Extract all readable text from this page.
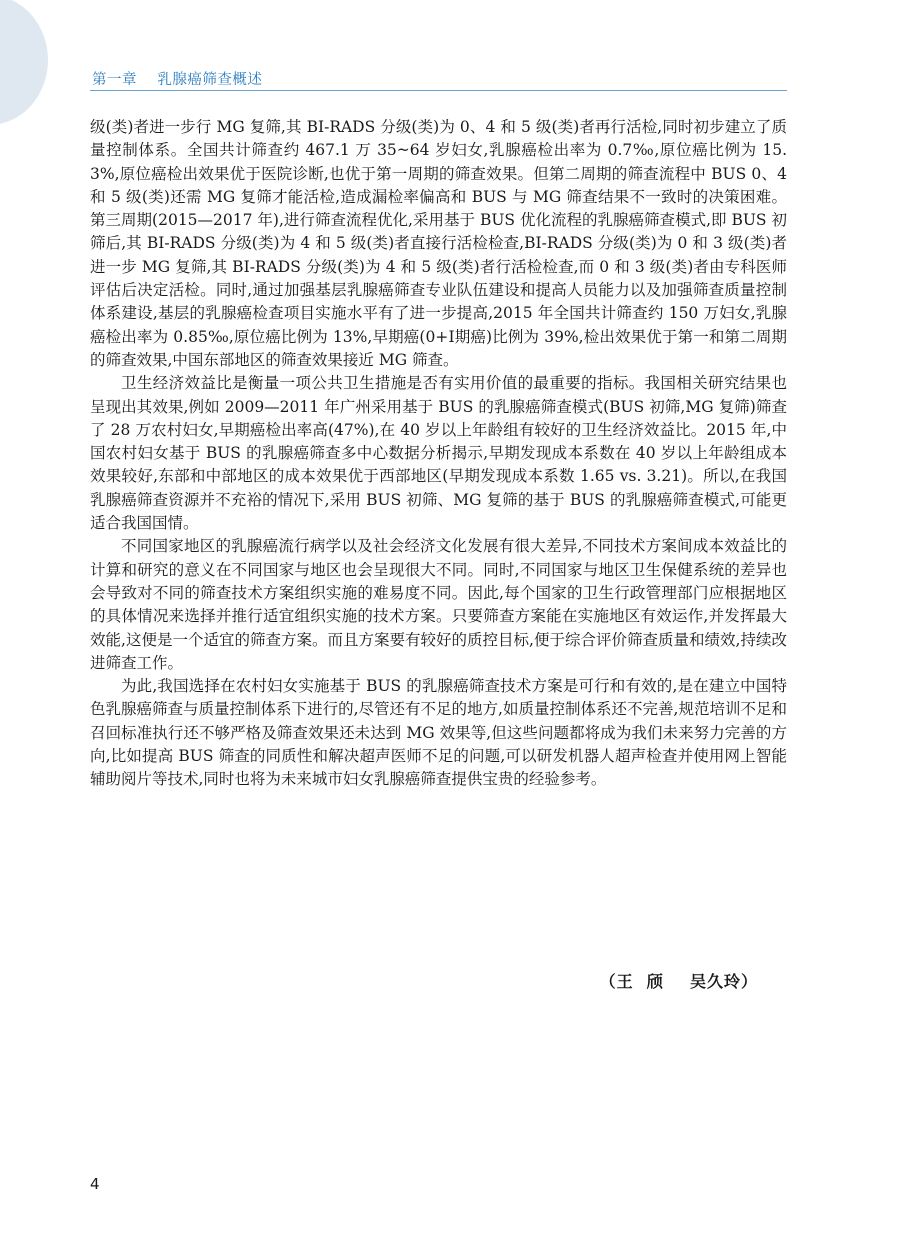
第一章    乳腺癌筛查概述

级(类)者进一步行 MG 复筛,其 BI-RADS 分级(类)为 0、4 和 5 级(类)者再行活检,同时初步建立了质量控制体系。全国共计筛查约 467.1 万 35~64 岁妇女,乳腺癌检出率为 0.7‰,原位癌比例为 15.3%,原位癌检出效果优于医院诊断,也优于第一周期的筛查效果。但第二周期的筛查流程中 BUS 0、4 和 5 级(类)还需 MG 复筛才能活检,造成漏检率偏高和 BUS 与 MG 筛查结果不一致时的决策困难。第三周期(2015—2017 年),进行筛查流程优化,采用基于 BUS 优化流程的乳腺癌筛查模式,即 BUS 初筛后,其 BI-RADS 分级(类)为 4 和 5 级(类)者直接行活检检查,BI-RADS 分级(类)为 0 和 3 级(类)者进一步 MG 复筛,其 BI-RADS 分级(类)为 4 和 5 级(类)者行活检检查,而 0 和 3 级(类)者由专科医师评估后决定活检。同时,通过加强基层乳腺癌筛查专业队伍建设和提高人员能力以及加强筛查质量控制体系建设,基层的乳腺癌检查项目实施水平有了进一步提高,2015 年全国共计筛查约 150 万妇女,乳腺癌检出率为 0.85‰,原位癌比例为 13%,早期癌(0+Ⅰ期癌)比例为 39%,检出效果优于第一和第二周期的筛查效果,中国东部地区的筛查效果接近 MG 筛查。

卫生经济效益比是衡量一项公共卫生措施是否有实用价值的最重要的指标。我国相关研究结果也呈现出其效果,例如 2009—2011 年广州采用基于 BUS 的乳腺癌筛查模式(BUS 初筛,MG 复筛)筛查了 28 万农村妇女,早期癌检出率高(47%),在 40 岁以上年龄组有较好的卫生经济效益比。2015 年,中国农村妇女基于 BUS 的乳腺癌筛查多中心数据分析揭示,早期发现成本系数在 40 岁以上年龄组成本效果较好,东部和中部地区的成本效果优于西部地区(早期发现成本系数 1.65 vs. 3.21)。所以,在我国乳腺癌筛查资源并不充裕的情况下,采用 BUS 初筛、MG 复筛的基于 BUS 的乳腺癌筛查模式,可能更适合我国国情。

不同国家地区的乳腺癌流行病学以及社会经济文化发展有很大差异,不同技术方案间成本效益比的计算和研究的意义在不同国家与地区也会呈现很大不同。同时,不同国家与地区卫生保健系统的差异也会导致对不同的筛查技术方案组织实施的难易度不同。因此,每个国家的卫生行政管理部门应根据地区的具体情况来选择并推行适宜组织实施的技术方案。只要筛查方案能在实施地区有效运作,并发挥最大效能,这便是一个适宜的筛查方案。而且方案要有较好的质控目标,便于综合评价筛查质量和绩效,持续改进筛查工作。

为此,我国选择在农村妇女实施基于 BUS 的乳腺癌筛查技术方案是可行和有效的,是在建立中国特色乳腺癌筛查与质量控制体系下进行的,尽管还有不足的地方,如质量控制体系还不完善,规范培训不足和召回标准执行还不够严格及筛查效果还未达到 MG 效果等,但这些问题都将成为我们未来努力完善的方向,比如提高 BUS 筛查的同质性和解决超声医师不足的问题,可以研发机器人超声检查并使用网上智能辅助阅片等技术,同时也将为未来城市妇女乳腺癌筛查提供宝贵的经验参考。

（王  颀    吴久玲）
4
